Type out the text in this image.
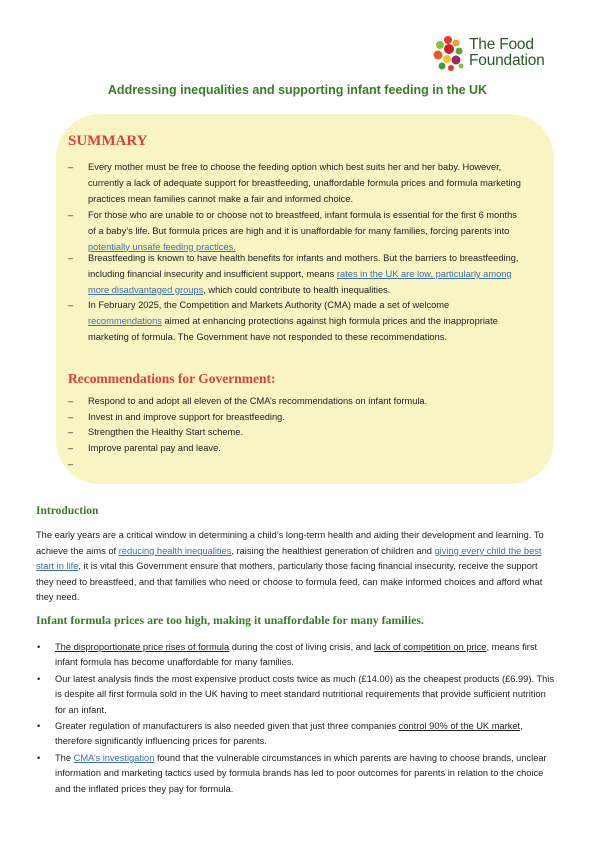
The Food
Foundation
Addressing inequalities and supporting infant feeding in the UK
SUMMARY
– Every mother must be free to choose the feeding option which best suits her and her baby. However, currently a lack of adequate support for breastfeeding, unaffordable formula prices and formula marketing practices mean families cannot make a fair and informed choice.
– For those who are unable to or choose not to breastfeed, infant formula is essential for the first 6 months of a baby’s life. But formula prices are high and it is unaffordable for many families, forcing parents into potentially unsafe feeding practices.
– Breastfeeding is known to have health benefits for infants and mothers. But the barriers to breastfeeding, including financial insecurity and insufficient support, means rates in the UK are low, particularly among more disadvantaged groups, which could contribute to health inequalities.
– In February 2025, the Competition and Markets Authority (CMA) made a set of welcome recommendations aimed at enhancing protections against high formula prices and the inappropriate marketing of formula. The Government have not responded to these recommendations.
Recommendations for Government:
– Respond to and adopt all eleven of the CMA’s recommendations on infant formula.
– Invest in and improve support for breastfeeding.
– Strengthen the Healthy Start scheme.
– Improve parental pay and leave.
–
Introduction
The early years are a critical window in determining a child’s long-term health and aiding their development and learning. To achieve the aims of reducing health inequalities, raising the healthiest generation of children and giving every child the best start in life, it is vital this Government ensure that mothers, particularly those facing financial insecurity, receive the support they need to breastfeed, and that families who need or choose to formula feed, can make informed choices and afford what they need.
Infant formula prices are too high, making it unaffordable for many families.
• The disproportionate price rises of formula during the cost of living crisis, and lack of competition on price, means first infant formula has become unaffordable for many families.
• Our latest analysis finds the most expensive product costs twice as much (£14.00) as the cheapest products (£6.99). This is despite all first formula sold in the UK having to meet standard nutritional requirements that provide sufficient nutrition for an infant.
• Greater regulation of manufacturers is also needed given that just three companies control 90% of the UK market, therefore significantly influencing prices for parents.
• The CMA’s investigation found that the vulnerable circumstances in which parents are having to choose brands, unclear information and marketing tactics used by formula brands has led to poor outcomes for parents in relation to the choice and the inflated prices they pay for formula.
